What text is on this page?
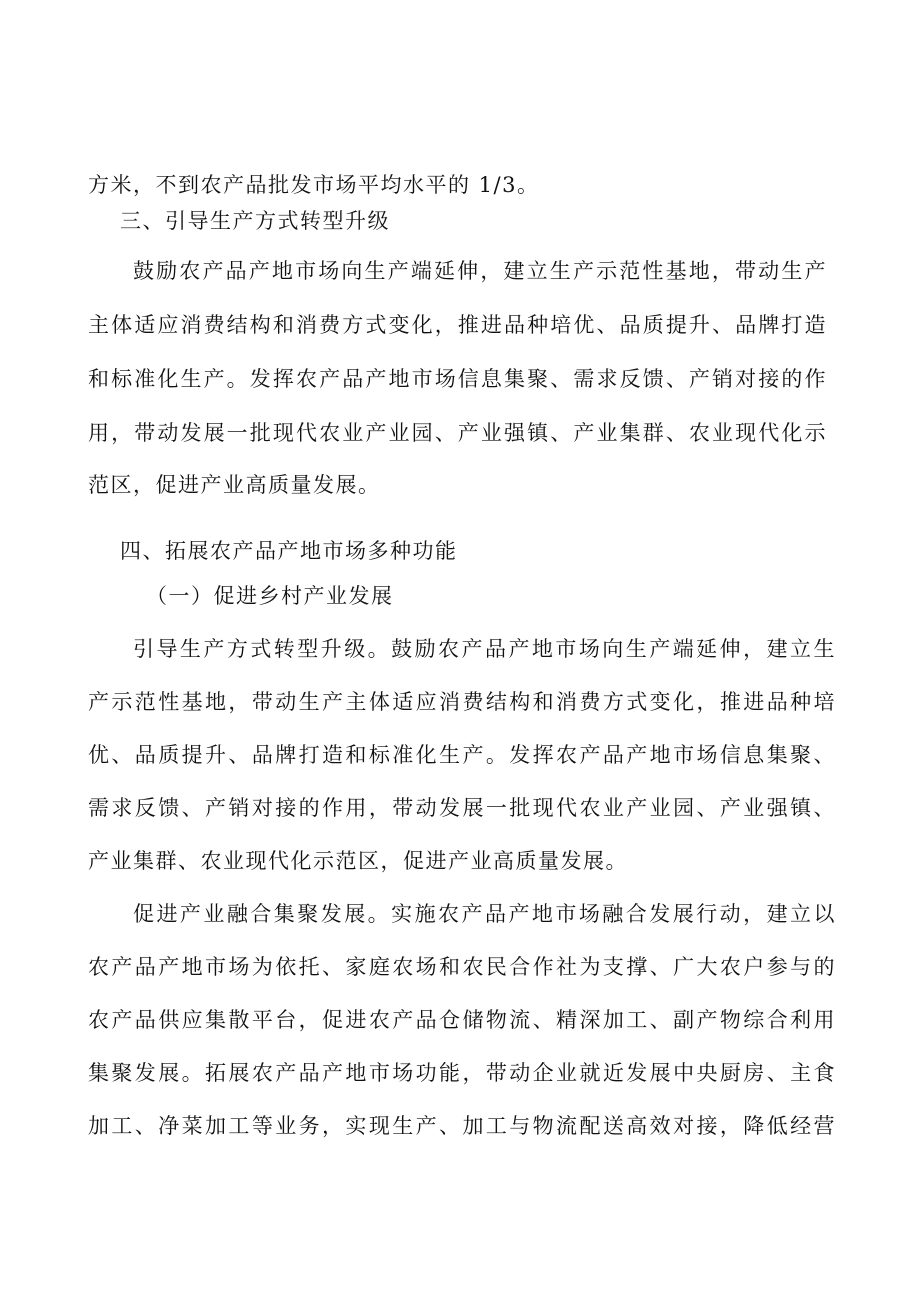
方米，不到农产品批发市场平均水平的 1/3。
三、引导生产方式转型升级
鼓励农产品产地市场向生产端延伸，建立生产示范性基地，带动生产
主体适应消费结构和消费方式变化，推进品种培优、品质提升、品牌打造
和标准化生产。发挥农产品产地市场信息集聚、需求反馈、产销对接的作
用，带动发展一批现代农业产业园、产业强镇、产业集群、农业现代化示
范区，促进产业高质量发展。
四、拓展农产品产地市场多种功能
（一）促进乡村产业发展
引导生产方式转型升级。鼓励农产品产地市场向生产端延伸，建立生
产示范性基地，带动生产主体适应消费结构和消费方式变化，推进品种培
优、品质提升、品牌打造和标准化生产。发挥农产品产地市场信息集聚、
需求反馈、产销对接的作用，带动发展一批现代农业产业园、产业强镇、
产业集群、农业现代化示范区，促进产业高质量发展。
促进产业融合集聚发展。实施农产品产地市场融合发展行动，建立以
农产品产地市场为依托、家庭农场和农民合作社为支撑、广大农户参与的
农产品供应集散平台，促进农产品仓储物流、精深加工、副产物综合利用
集聚发展。拓展农产品产地市场功能，带动企业就近发展中央厨房、主食
加工、净菜加工等业务，实现生产、加工与物流配送高效对接，降低经营
